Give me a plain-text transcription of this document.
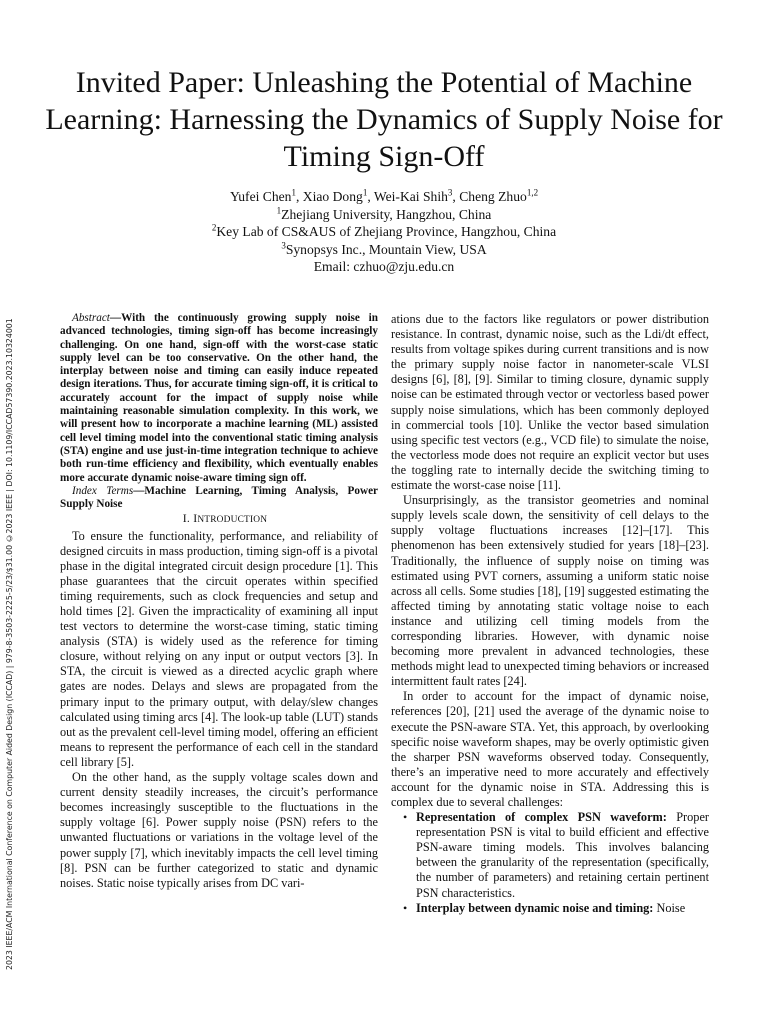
2023 IEEE/ACM International Conference on Computer Aided Design (ICCAD) | 979-8-3503-2225-5/23/$31.00 ©2023 IEEE | DOI: 10.1109/ICCAD57390.2023.10324001
Invited Paper: Unleashing the Potential of Machine Learning: Harnessing the Dynamics of Supply Noise for Timing Sign-Off
Yufei Chen$^1$, Xiao Dong$^1$, Wei-Kai Shih$^3$, Cheng Zhuo$^{1,2}$
$^1$Zhejiang University, Hangzhou, China
$^2$Key Lab of CS&AUS of Zhejiang Province, Hangzhou, China
$^3$Synopsys Inc., Mountain View, USA
Email: czhuo@zju.edu.cn

Abstract—With the continuously growing supply noise in advanced technologies, timing sign-off has become increasingly challenging. On one hand, sign-off with the worst-case static supply level can be too conservative. On the other hand, the interplay between noise and timing can easily induce repeated design iterations. Thus, for accurate timing sign-off, it is critical to accurately account for the impact of supply noise while maintaining reasonable simulation complexity. In this work, we will present how to incorporate a machine learning (ML) assisted cell level timing model into the conventional static timing analysis (STA) engine and use just-in-time integration technique to achieve both run-time efficiency and flexibility, which eventually enables more accurate dynamic noise-aware timing sign off.

Index Terms—Machine Learning, Timing Analysis, Power Supply Noise

I. INTRODUCTION

To ensure the functionality, performance, and reliability of designed circuits in mass production, timing sign-off is a pivotal phase in the digital integrated circuit design procedure [1]. This phase guarantees that the circuit operates within specified timing requirements, such as clock frequencies and setup and hold times [2]. Given the impracticality of examining all input test vectors to determine the worst-case timing, static timing analysis (STA) is widely used as the reference for timing closure, without relying on any input or output vectors [3]. In STA, the circuit is viewed as a directed acyclic graph where gates are nodes. Delays and slews are propagated from the primary input to the primary output, with delay/slew changes calculated using timing arcs [4]. The look-up table (LUT) stands out as the prevalent cell-level timing model, offering an efficient means to represent the performance of each cell in the standard cell library [5].

On the other hand, as the supply voltage scales down and current density steadily increases, the circuit’s performance becomes increasingly susceptible to the fluctuations in the supply voltage [6]. Power supply noise (PSN) refers to the unwanted fluctuations or variations in the voltage level of the power supply [7], which inevitably impacts the cell level timing [8]. PSN can be further categorized to static and dynamic noises. Static noise typically arises from DC vari-

ations due to the factors like regulators or power distribution resistance. In contrast, dynamic noise, such as the Ldi/dt effect, results from voltage spikes during current transitions and is now the primary supply noise factor in nanometer-scale VLSI designs [6], [8], [9]. Similar to timing closure, dynamic supply noise can be estimated through vector or vectorless based power supply noise simulations, which has been commonly deployed in commercial tools [10]. Unlike the vector based simulation using specific test vectors (e.g., VCD file) to simulate the noise, the vectorless mode does not require an explicit vector but uses the toggling rate to internally decide the switching timing to estimate the worst-case noise [11].

Unsurprisingly, as the transistor geometries and nominal supply levels scale down, the sensitivity of cell delays to the supply voltage fluctuations increases [12]–[17]. This phenomenon has been extensively studied for years [18]–[23]. Traditionally, the influence of supply noise on timing was estimated using PVT corners, assuming a uniform static noise across all cells. Some studies [18], [19] suggested estimating the affected timing by annotating static voltage noise to each instance and utilizing cell timing models from the corresponding libraries. However, with dynamic noise becoming more prevalent in advanced technologies, these methods might lead to unexpected timing behaviors or increased intermittent fault rates [24].

In order to account for the impact of dynamic noise, references [20], [21] used the average of the dynamic noise to execute the PSN-aware STA. Yet, this approach, by overlooking specific noise waveform shapes, may be overly optimistic given the sharper PSN waveforms observed today. Consequently, there’s an imperative need to more accurately and effectively account for the dynamic noise in STA. Addressing this is complex due to several challenges:

• Representation of complex PSN waveform: Proper representation PSN is vital to build efficient and effective PSN-aware timing models. This involves balancing between the granularity of the representation (specifically, the number of parameters) and retaining certain pertinent PSN characteristics.
• Interplay between dynamic noise and timing: Noise
